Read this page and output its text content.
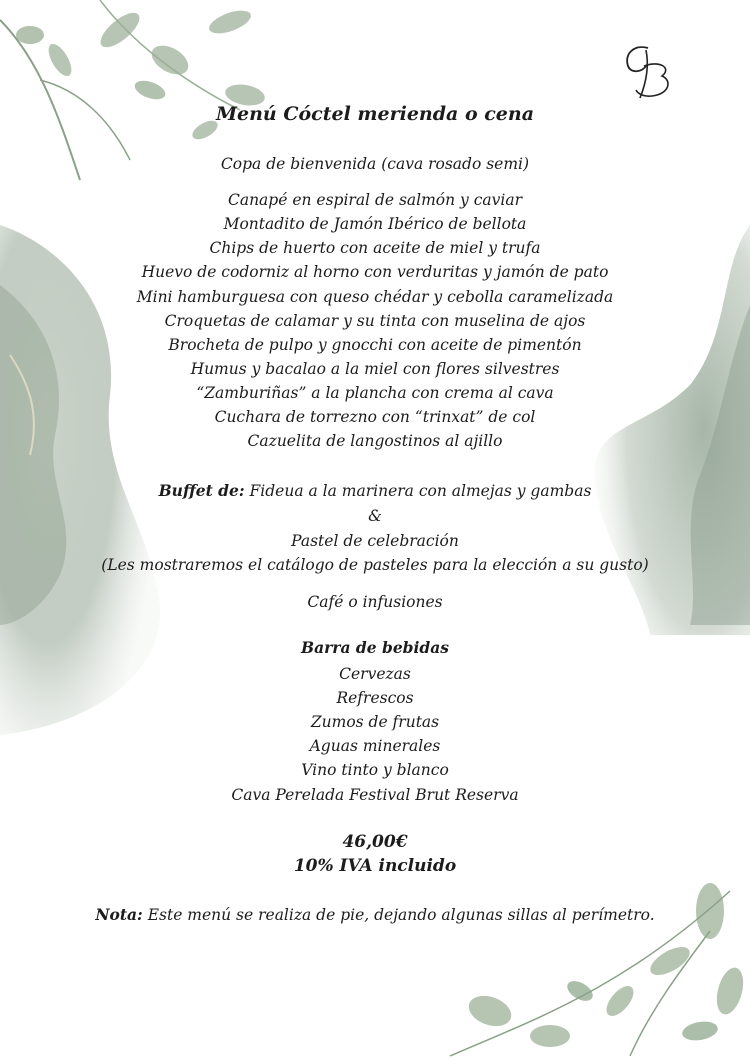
Menú Cóctel merienda o cena
Copa de bienvenida (cava rosado semi)
Canapé en espiral de salmón y caviar
Montadito de Jamón Ibérico de bellota
Chips de huerto con aceite de miel y trufa
Huevo de codorniz al horno con verduritas y jamón de pato
Mini hamburguesa con queso chédar y cebolla caramelizada
Croquetas de calamar y su tinta con muselina de ajos
Brocheta de pulpo y gnocchi con aceite de pimentón
Humus y bacalao a la miel con flores silvestres
“Zamburiñas” a la plancha con crema al cava
Cuchara de torrezno con “trinxat” de col
Cazuelita de langostinos al ajillo
Buffet de: Fideua a la marinera con almejas y gambas
&
Pastel de celebración
(Les mostraremos el catálogo de pasteles para la elección a su gusto)
Café o infusiones
Barra de bebidas
Cervezas
Refrescos
Zumos de frutas
Aguas minerales
Vino tinto y blanco
Cava Perelada Festival Brut Reserva
46,00€
10% IVA incluido
Nota: Este menú se realiza de pie, dejando algunas sillas al perímetro.
